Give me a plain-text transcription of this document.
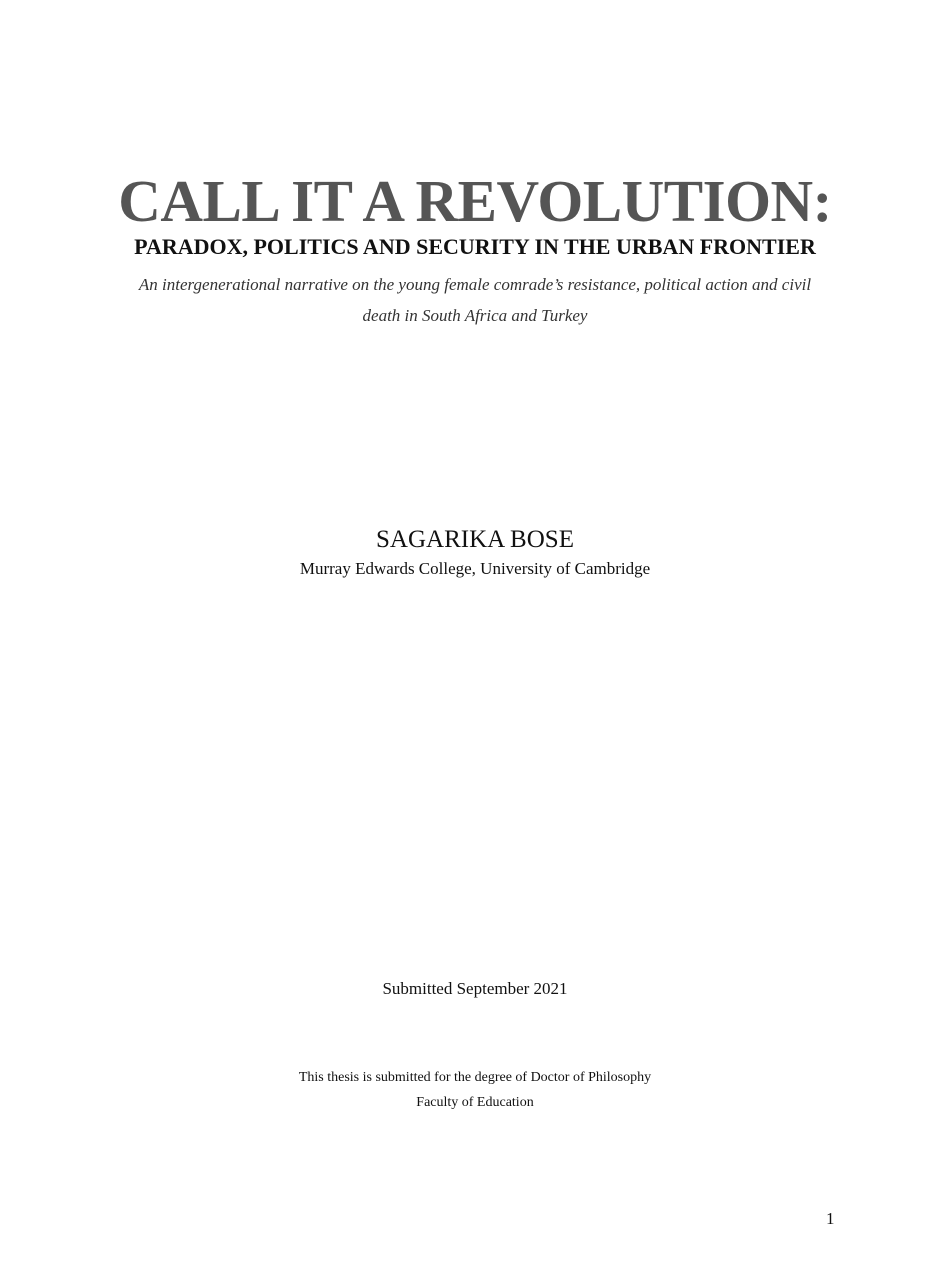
CALL IT A REVOLUTION:
PARADOX, POLITICS AND SECURITY IN THE URBAN FRONTIER

An intergenerational narrative on the young female comrade’s resistance, political action and civil death in South Africa and Turkey

SAGARIKA BOSE
Murray Edwards College, University of Cambridge
Submitted September 2021
This thesis is submitted for the degree of Doctor of Philosophy
Faculty of Education
1
